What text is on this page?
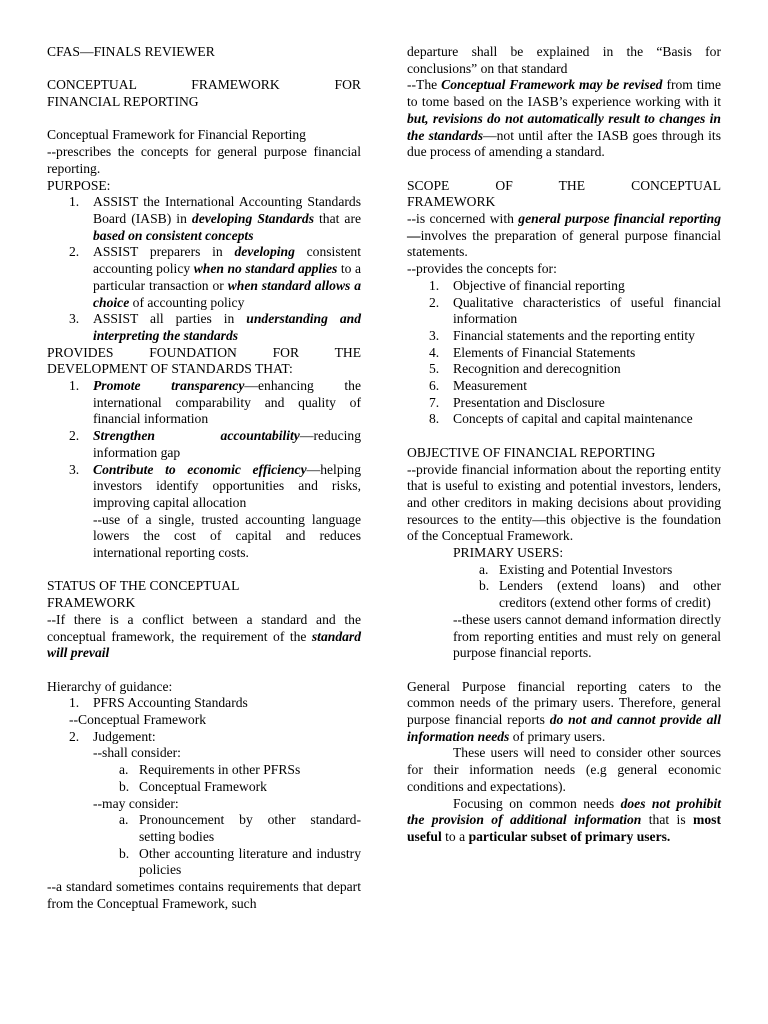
CFAS—FINALS REVIEWER

CONCEPTUAL FRAMEWORK FOR

FINANCIAL REPORTING

Conceptual Framework for Financial Reporting

--prescribes the concepts for general purpose financial reporting.

PURPOSE:

1. ASSIST the International Accounting Standards Board (IASB) in developing Standards that are based on consistent concepts
2. ASSIST preparers in developing consistent accounting policy when no standard applies to a particular transaction or when standard allows a choice of accounting policy
3. ASSIST all parties in understanding and interpreting the standards

PROVIDES FOUNDATION FOR THE

DEVELOPMENT OF STANDARDS THAT:

1. Promote transparency—enhancing the international comparability and quality of financial information
2. Strengthen accountability—reducing information gap
3. Contribute to economic efficiency—helping investors identify opportunities and risks, improving capital allocation

--use of a single, trusted accounting language lowers the cost of capital and reduces international reporting costs.

STATUS OF THE CONCEPTUAL

FRAMEWORK

--If there is a conflict between a standard and the conceptual framework, the requirement of the standard will prevail

Hierarchy of guidance:

1. PFRS Accounting Standards

--Conceptual Framework

2. Judgement:

--shall consider:

a. Requirements in other PFRSs
b. Conceptual Framework

--may consider:

a. Pronouncement by other standard-setting bodies
b. Other accounting literature and industry policies

--a standard sometimes contains requirements that depart from the Conceptual Framework, such

departure shall be explained in the “Basis for conclusions” on that standard

--The Conceptual Framework may be revised from time to tome based on the IASB’s experience working with it but, revisions do not automatically result to changes in the standards—not until after the IASB goes through its due process of amending a standard.

SCOPE OF THE CONCEPTUAL

FRAMEWORK

--is concerned with general purpose financial reporting—involves the preparation of general purpose financial statements.

--provides the concepts for:

1. Objective of financial reporting
2. Qualitative characteristics of useful financial information
3. Financial statements and the reporting entity
4. Elements of Financial Statements
5. Recognition and derecognition
6. Measurement
7. Presentation and Disclosure
8. Concepts of capital and capital maintenance

OBJECTIVE OF FINANCIAL REPORTING

--provide financial information about the reporting entity that is useful to existing and potential investors, lenders, and other creditors in making decisions about providing resources to the entity—this objective is the foundation of the Conceptual Framework.

PRIMARY USERS:

a. Existing and Potential Investors
b. Lenders (extend loans) and other creditors (extend other forms of credit)

--these users cannot demand information directly from reporting entities and must rely on general purpose financial reports.

General Purpose financial reporting caters to the common needs of the primary users. Therefore, general purpose financial reports do not and cannot provide all information needs of primary users.

These users will need to consider other sources for their information needs (e.g general economic conditions and expectations).

Focusing on common needs does not prohibit the provision of additional information that is most useful to a particular subset of primary users.
